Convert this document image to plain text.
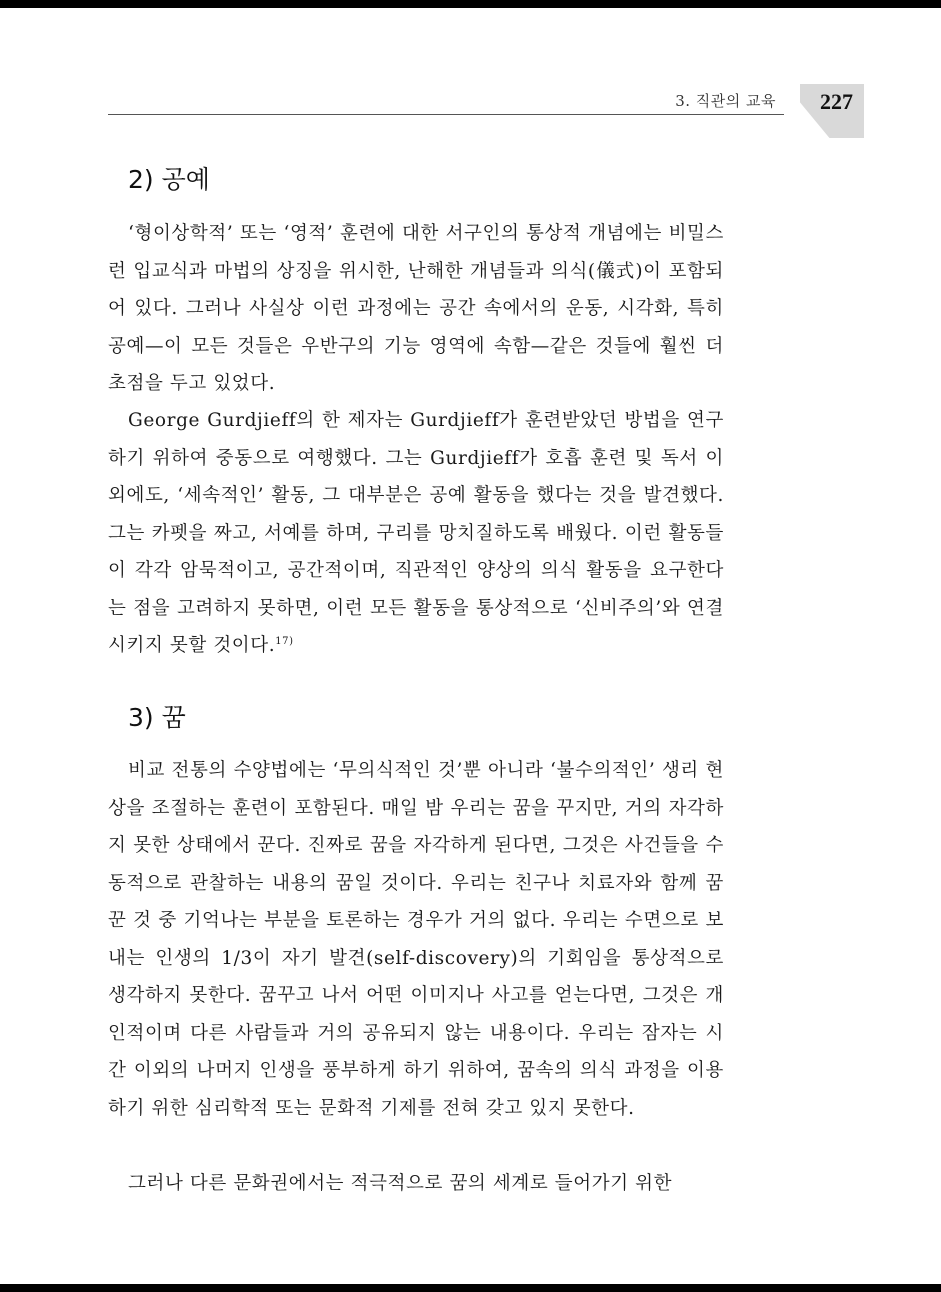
3. 직관의 교육 227
2) 공예

‘형이상학적’ 또는 ‘영적’ 훈련에 대한 서구인의 통상적 개념에는 비밀스런 입교식과 마법의 상징을 위시한, 난해한 개념들과 의식(儀式)이 포함되어 있다. 그러나 사실상 이런 과정에는 공간 속에서의 운동, 시각화, 특히 공예—이 모든 것들은 우반구의 기능 영역에 속함—같은 것들에 훨씬 더 초점을 두고 있었다.

George Gurdjieff의 한 제자는 Gurdjieff가 훈련받았던 방법을 연구하기 위하여 중동으로 여행했다. 그는 Gurdjieff가 호흡 훈련 및 독서 이외에도, ‘세속적인’ 활동, 그 대부분은 공예 활동을 했다는 것을 발견했다. 그는 카펫을 짜고, 서예를 하며, 구리를 망치질하도록 배웠다. 이런 활동들이 각각 암묵적이고, 공간적이며, 직관적인 양상의 의식 활동을 요구한다는 점을 고려하지 못하면, 이런 모든 활동을 통상적으로 ‘신비주의’와 연결시키지 못할 것이다.$^{17)}$

3) 꿈

비교 전통의 수양법에는 ‘무의식적인 것’뿐 아니라 ‘불수의적인’ 생리 현상을 조절하는 훈련이 포함된다. 매일 밤 우리는 꿈을 꾸지만, 거의 자각하지 못한 상태에서 꾼다. 진짜로 꿈을 자각하게 된다면, 그것은 사건들을 수동적으로 관찰하는 내용의 꿈일 것이다. 우리는 친구나 치료자와 함께 꿈꾼 것 중 기억나는 부분을 토론하는 경우가 거의 없다. 우리는 수면으로 보내는 인생의 1/3이 자기 발견(self-discovery)의 기회임을 통상적으로 생각하지 못한다. 꿈꾸고 나서 어떤 이미지나 사고를 얻는다면, 그것은 개인적이며 다른 사람들과 거의 공유되지 않는 내용이다. 우리는 잠자는 시간 이외의 나머지 인생을 풍부하게 하기 위하여, 꿈속의 의식 과정을 이용하기 위한 심리학적 또는 문화적 기제를 전혀 갖고 있지 못한다.

그러나 다른 문화권에서는 적극적으로 꿈의 세계로 들어가기 위한
